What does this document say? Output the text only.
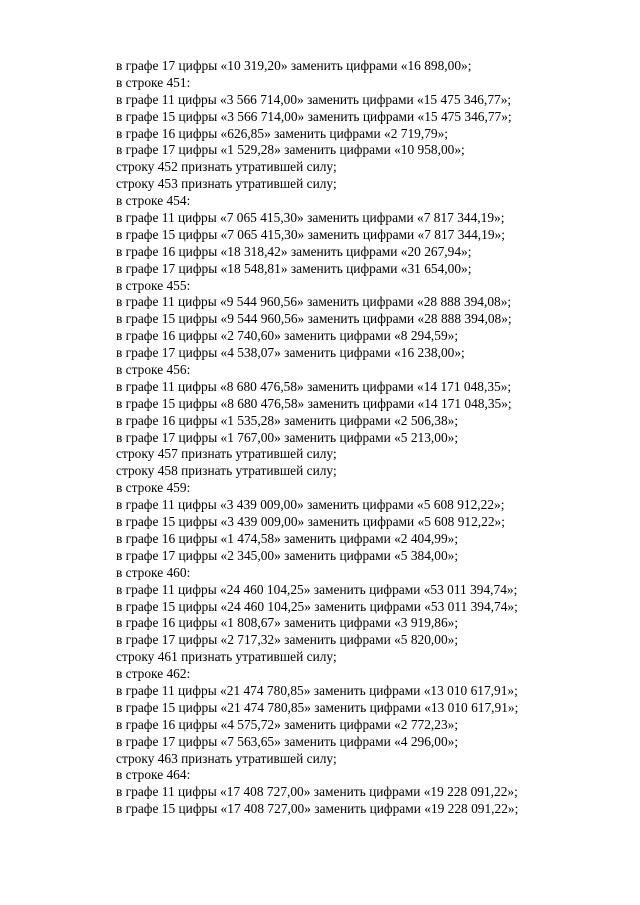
в графе 17 цифры «10 319,20» заменить цифрами «16 898,00»;

в строке 451:

в графе 11 цифры «3 566 714,00» заменить цифрами «15 475 346,77»;

в графе 15 цифры «3 566 714,00» заменить цифрами «15 475 346,77»;

в графе 16 цифры «626,85» заменить цифрами «2 719,79»;

в графе 17 цифры «1 529,28» заменить цифрами «10 958,00»;

строку 452 признать утратившей силу;

строку 453 признать утратившей силу;

в строке 454:

в графе 11 цифры «7 065 415,30» заменить цифрами «7 817 344,19»;

в графе 15 цифры «7 065 415,30» заменить цифрами «7 817 344,19»;

в графе 16 цифры «18 318,42» заменить цифрами «20 267,94»;

в графе 17 цифры «18 548,81» заменить цифрами «31 654,00»;

в строке 455:

в графе 11 цифры «9 544 960,56» заменить цифрами «28 888 394,08»;

в графе 15 цифры «9 544 960,56» заменить цифрами «28 888 394,08»;

в графе 16 цифры «2 740,60» заменить цифрами «8 294,59»;

в графе 17 цифры «4 538,07» заменить цифрами «16 238,00»;

в строке 456:

в графе 11 цифры «8 680 476,58» заменить цифрами «14 171 048,35»;

в графе 15 цифры «8 680 476,58» заменить цифрами «14 171 048,35»;

в графе 16 цифры «1 535,28» заменить цифрами «2 506,38»;

в графе 17 цифры «1 767,00» заменить цифрами «5 213,00»;

строку 457 признать утратившей силу;

строку 458 признать утратившей силу;

в строке 459:

в графе 11 цифры «3 439 009,00» заменить цифрами «5 608 912,22»;

в графе 15 цифры «3 439 009,00» заменить цифрами «5 608 912,22»;

в графе 16 цифры «1 474,58» заменить цифрами «2 404,99»;

в графе 17 цифры «2 345,00» заменить цифрами «5 384,00»;

в строке 460:

в графе 11 цифры «24 460 104,25» заменить цифрами «53 011 394,74»;

в графе 15 цифры «24 460 104,25» заменить цифрами «53 011 394,74»;

в графе 16 цифры «1 808,67» заменить цифрами «3 919,86»;

в графе 17 цифры «2 717,32» заменить цифрами «5 820,00»;

строку 461 признать утратившей силу;

в строке 462:

в графе 11 цифры «21 474 780,85» заменить цифрами «13 010 617,91»;

в графе 15 цифры «21 474 780,85» заменить цифрами «13 010 617,91»;

в графе 16 цифры «4 575,72» заменить цифрами «2 772,23»;

в графе 17 цифры «7 563,65» заменить цифрами «4 296,00»;

строку 463 признать утратившей силу;

в строке 464:

в графе 11 цифры «17 408 727,00» заменить цифрами «19 228 091,22»;

в графе 15 цифры «17 408 727,00» заменить цифрами «19 228 091,22»;
